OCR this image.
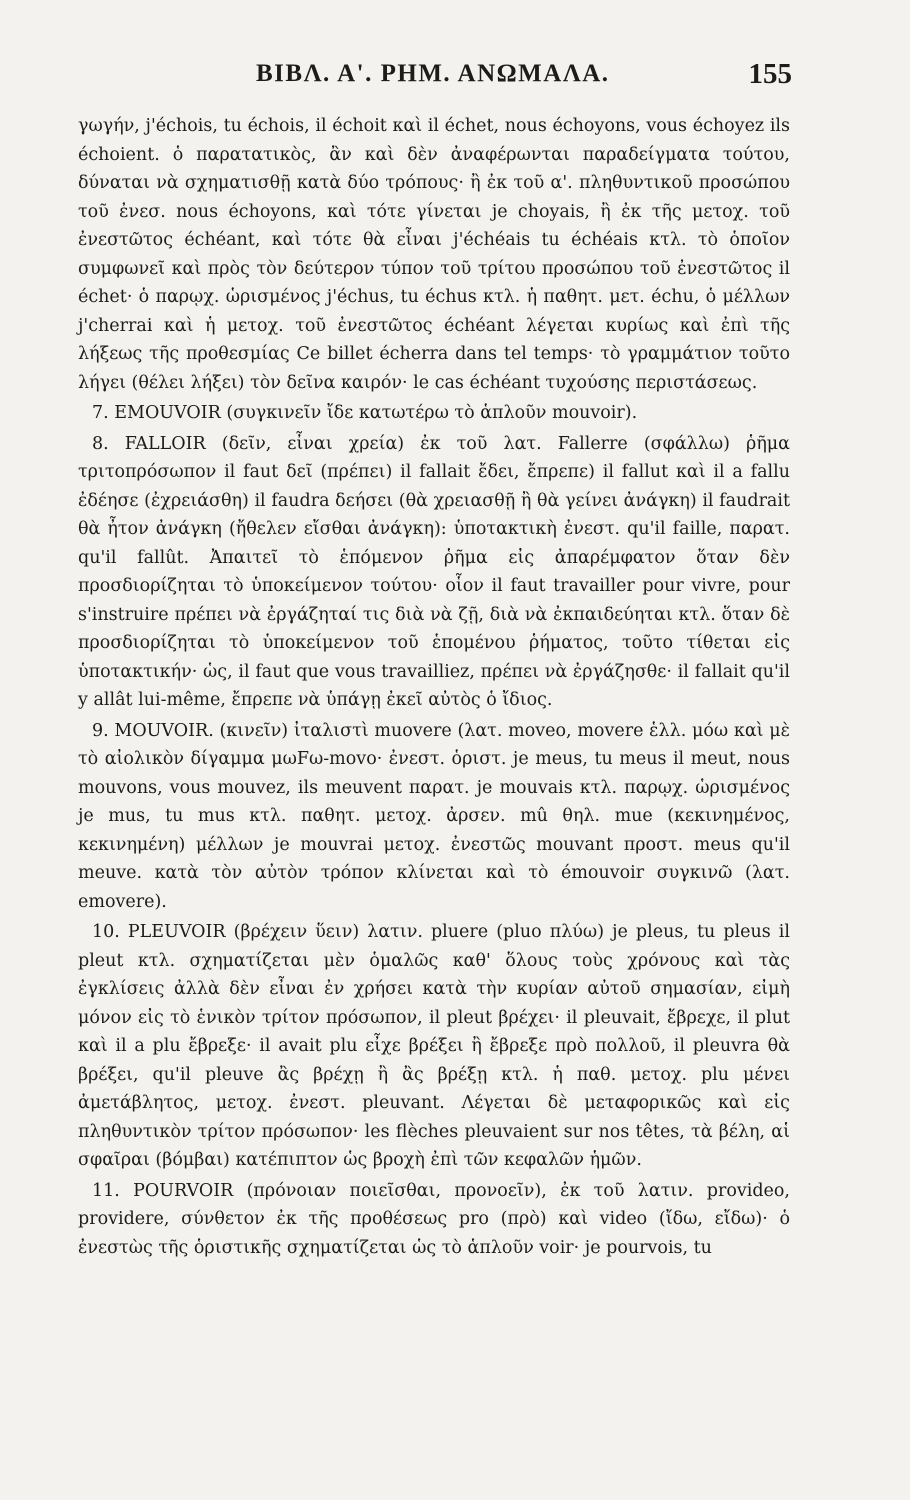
ΒΙΒΛ. Α'. ΡΗΜ. ΑΝΩΜΑΛΑ.	155

γωγήν, j'échois, tu échois, il échoit καὶ il échet, nous échoyons, vous échoyez ils échoient. ὁ παρατατικὸς, ἂν καὶ δὲν ἀναφέρωνται παραδείγματα τούτου, δύναται νὰ σχηματισθῇ κατὰ δύο τρόπους· ἢ ἐκ τοῦ α'. πληθυντικοῦ προσώπου τοῦ ἐνεσ. nous échoyons, καὶ τότε γίνεται je choyais, ἢ ἐκ τῆς μετοχ. τοῦ ἐνεστῶτος échéant, καὶ τότε θὰ εἶναι j'échéais tu échéais κτλ. τὸ ὁποῖον συμφωνεῖ καὶ πρὸς τὸν δεύτερον τύπον τοῦ τρίτου προσώπου τοῦ ἐνεστῶτος il échet· ὁ παρῳχ. ὡρισμένος j'échus, tu échus κτλ. ἡ παθητ. μετ. échu, ὁ μέλλων j'cherrai καὶ ἡ μετοχ. τοῦ ἐνεστῶτος échéant λέγεται κυρίως καὶ ἐπὶ τῆς λήξεως τῆς προθεσμίας Ce billet écherra dans tel temps· τὸ γραμμάτιον τοῦτο λήγει (θέλει λήξει) τὸν δεῖνα καιρόν· le cas échéant τυχούσης περιστάσεως.

7. EMOUVOIR (συγκινεῖν ἴδε κατωτέρω τὸ ἁπλοῦν mouvoir).

8. FALLOIR (δεῖν, εἶναι χρεία) ἐκ τοῦ λατ. Fallerre (σφάλλω) ῥῆμα τριτοπρόσωπον il faut δεῖ (πρέπει) il fallait ἔδει, ἔπρεπε) il fallut καὶ il a fallu ἐδέησε (ἐχρειάσθη) il faudra δεήσει (θὰ χρειασθῇ ἢ θὰ γείνει ἀνάγκη) il faudrait θὰ ἦτον ἀνάγκη (ἤθελεν εἴσθαι ἀνάγκη): ὑποτακτικὴ ἐνεστ. qu'il faille, παρατ. qu'il fallût. Ἀπαιτεῖ τὸ ἑπόμενον ῥῆμα εἰς ἀπαρέμφατον ὅταν δὲν προσδιορίζηται τὸ ὑποκείμενον τούτου· οἷον il faut travailler pour vivre, pour s'instruire πρέπει νὰ ἐργάζηταί τις διὰ νὰ ζῇ, διὰ νὰ ἐκπαιδεύηται κτλ. ὅταν δὲ προσδιορίζηται τὸ ὑποκείμενον τοῦ ἑπομένου ῥήματος, τοῦτο τίθεται εἰς ὑποτακτικήν· ὡς, il faut que vous travailliez, πρέπει νὰ ἐργάζησθε· il fallait qu'il y allât lui-même, ἔπρεπε νὰ ὑπάγῃ ἐκεῖ αὐτὸς ὁ ἴδιος.

9. MOUVOIR. (κινεῖν) ἰταλιστὶ muovere (λατ. moveo, movere ἑλλ. μόω καὶ μὲ τὸ αἰολικὸν δίγαμμα μωFω-movo· ἐνεστ. ὁριστ. je meus, tu meus il meut, nous mouvons, vous mouvez, ils meuvent παρατ. je mouvais κτλ. παρῳχ. ὡρισμένος je mus, tu mus κτλ. παθητ. μετοχ. ἀρσεν. mû θηλ. mue (κεκινημένος, κεκινημένη) μέλλων je mouvrai μετοχ. ἐνεστῶς mouvant προστ. meus qu'il meuve. κατὰ τὸν αὐτὸν τρόπον κλίνεται καὶ τὸ émouvoir συγκινῶ (λατ. emovere).

10. PLEUVOIR (βρέχειν ὕειν) λατιν. pluere (pluo πλύω) je pleus, tu pleus il pleut κτλ. σχηματίζεται μὲν ὁμαλῶς καθ' ὅλους τοὺς χρόνους καὶ τὰς ἐγκλίσεις ἀλλὰ δὲν εἶναι ἐν χρήσει κατὰ τὴν κυρίαν αὐτοῦ σημασίαν, εἰμὴ μόνον εἰς τὸ ἑνικὸν τρίτον πρόσωπον, il pleut βρέχει· il pleuvait, ἔβρεχε, il plut καὶ il a plu ἔβρεξε· il avait plu εἶχε βρέξει ἢ ἔβρεξε πρὸ πολλοῦ, il pleuvra θὰ βρέξει, qu'il pleuve ἂς βρέχῃ ἢ ἂς βρέξῃ κτλ. ἡ παθ. μετοχ. plu μένει ἀμετάβλητος, μετοχ. ἐνεστ. pleuvant. Λέγεται δὲ μεταφορικῶς καὶ εἰς πληθυντικὸν τρίτον πρόσωπον· les flèches pleuvaient sur nos têtes, τὰ βέλη, αἱ σφαῖραι (βόμβαι) κατέπιπτον ὡς βροχὴ ἐπὶ τῶν κεφαλῶν ἡμῶν.

11. POURVOIR (πρόνοιαν ποιεῖσθαι, προνοεῖν), ἐκ τοῦ λατιν. provideo, providere, σύνθετον ἐκ τῆς προθέσεως pro (πρὸ) καὶ video (ἴδω, εἴδω)· ὁ ἐνεστὼς τῆς ὁριστικῆς σχηματίζεται ὡς τὸ ἁπλοῦν voir· je pourvois, tu
